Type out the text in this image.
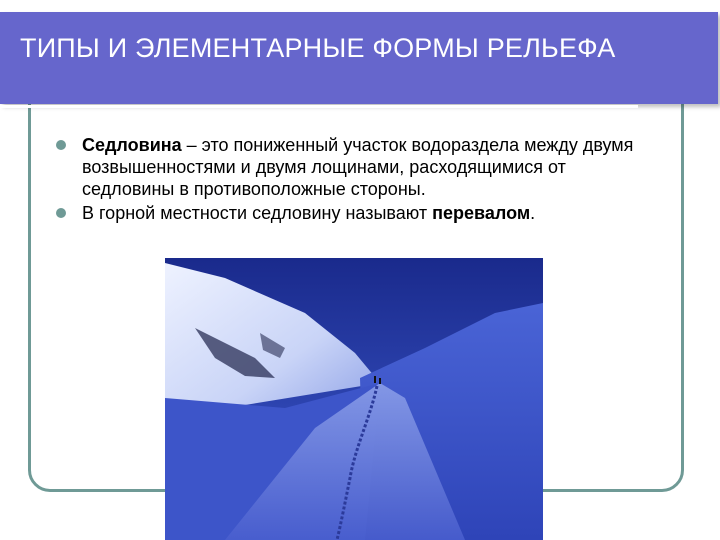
ТИПЫ И ЭЛЕМЕНТАРНЫЕ ФОРМЫ РЕЛЬЕФА
Седловина – это пониженный участок водораздела между двумя возвышенностями и двумя лощинами, расходящимися от седловины в противоположные стороны.
В горной местности седловину называют перевалом.
